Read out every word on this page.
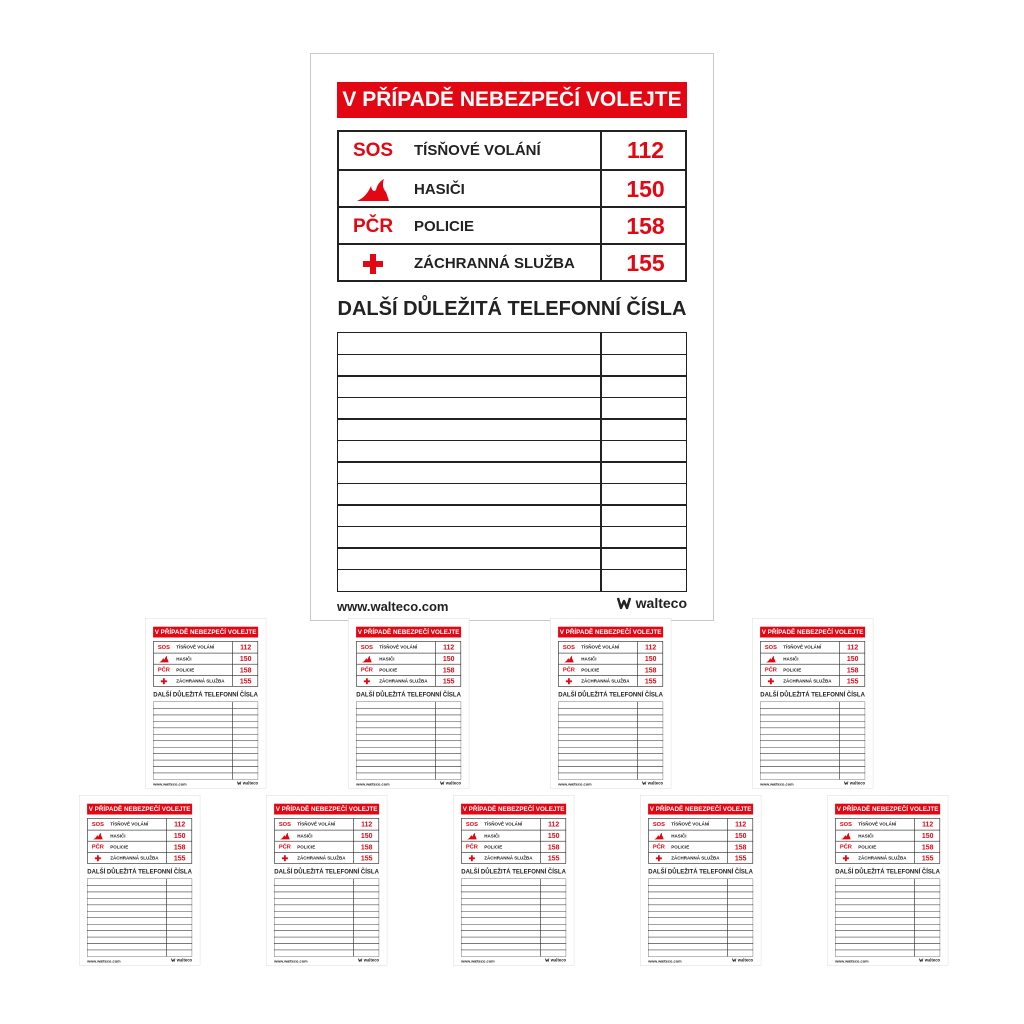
V PŘÍPADĚ NEBEZPEČÍ VOLEJTE
SOS TÍSŇOVÉ VOLÁNÍ	112
HASIČI	150
PČR POLICIE	158
ZÁCHRANNÁ SLUŽBA	155
DALŠÍ DŮLEŽITÁ TELEFONNÍ ČÍSLA
www.walteco.com	walteco
V PŘÍPADĚ NEBEZPEČÍ VOLEJTE
SOS TÍSŇOVÉ VOLÁNÍ	112
HASIČI	150
PČR POLICIE	158
ZÁCHRANNÁ SLUŽBA 155
DALŠÍ DŮLEŽITÁ TELEFONNÍ ČÍSLA
www.walteco.com	walteco
V PŘÍPADĚ NEBEZPEČÍ VOLEJTE
SOS TÍSŇOVÉ VOLÁNÍ	112
HASIČI	150
PČR POLICIE	158
ZÁCHRANNÁ SLUŽBA 155
DALŠÍ DŮLEŽITÁ TELEFONNÍ ČÍSLA
www.walteco.com	walteco
V PŘÍPADĚ NEBEZPEČÍ VOLEJTE
SOS TÍSŇOVÉ VOLÁNÍ	112
HASIČI	150
PČR POLICIE	158
ZÁCHRANNÁ SLUŽBA 155
DALŠÍ DŮLEŽITÁ TELEFONNÍ ČÍSLA
www.walteco.com	walteco
V PŘÍPADĚ NEBEZPEČÍ VOLEJTE
SOS TÍSŇOVÉ VOLÁNÍ	112
HASIČI	150
PČR POLICIE	158
ZÁCHRANNÁ SLUŽBA 155
DALŠÍ DŮLEŽITÁ TELEFONNÍ ČÍSLA
www.walteco.com	walteco
V PŘÍPADĚ NEBEZPEČÍ VOLEJTE
SOS TÍSŇOVÉ VOLÁNÍ	112
HASIČI	150
PČR POLICIE	158
ZÁCHRANNÁ SLUŽBA 155
DALŠÍ DŮLEŽITÁ TELEFONNÍ ČÍSLA
www.walteco.com	walteco
V PŘÍPADĚ NEBEZPEČÍ VOLEJTE
SOS TÍSŇOVÉ VOLÁNÍ	112
HASIČI	150
PČR POLICIE	158
ZÁCHRANNÁ SLUŽBA 155
DALŠÍ DŮLEŽITÁ TELEFONNÍ ČÍSLA
www.walteco.com	walteco
V PŘÍPADĚ NEBEZPEČÍ VOLEJTE
SOS TÍSŇOVÉ VOLÁNÍ	112
HASIČI	150
PČR POLICIE	158
ZÁCHRANNÁ SLUŽBA 155
DALŠÍ DŮLEŽITÁ TELEFONNÍ ČÍSLA
www.walteco.com	walteco
V PŘÍPADĚ NEBEZPEČÍ VOLEJTE
SOS TÍSŇOVÉ VOLÁNÍ	112
HASIČI	150
PČR POLICIE	158
ZÁCHRANNÁ SLUŽBA 155
DALŠÍ DŮLEŽITÁ TELEFONNÍ ČÍSLA
www.walteco.com	walteco
V PŘÍPADĚ NEBEZPEČÍ VOLEJTE
SOS TÍSŇOVÉ VOLÁNÍ	112
HASIČI	150
PČR POLICIE	158
ZÁCHRANNÁ SLUŽBA 155
DALŠÍ DŮLEŽITÁ TELEFONNÍ ČÍSLA
www.walteco.com	walteco
